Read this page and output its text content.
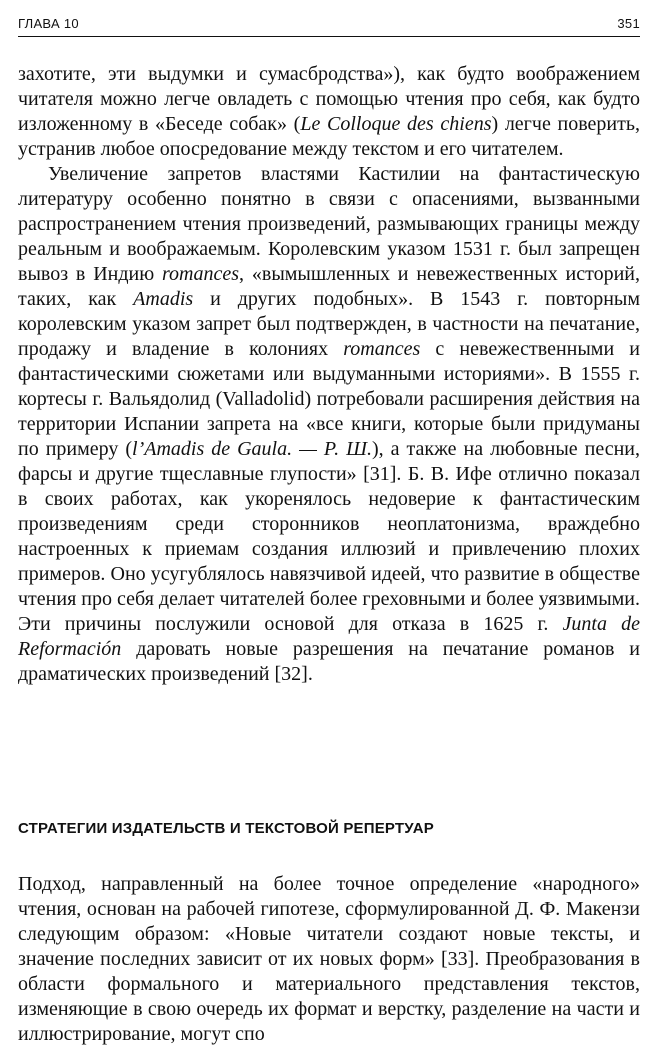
ГЛАВА 10	351

захотите, эти выдумки и сумасбродства»), как будто воображением читателя можно легче овладеть с помощью чтения про себя, как будто изложенному в «Беседе собак» (Le Colloque des chiens) легче поверить, устранив любое опосредование между текстом и его читателем.

Увеличение запретов властями Кастилии на фантастическую литературу особенно понятно в связи с опасениями, вызванными распространением чтения произведений, размывающих границы между реальным и воображаемым. Королевским указом 1531 г. был запрещен вывоз в Индию romances, «вымышленных и невежественных историй, таких, как Amadis и других подобных». В 1543 г. повторным королевским указом запрет был подтвержден, в частности на печатание, продажу и владение в колониях romances с невежественными и фантастическими сюжетами или выдуманными историями». В 1555 г. кортесы г. Вальядолид (Valladolid) потребовали расширения действия на территории Испании запрета на «все книги, которые были придуманы по примеру (l’Amadis de Gaula. — Р. Ш.), а также на любовные песни, фарсы и другие тщеславные глупости» [31]. Б. В. Ифе отлично показал в своих работах, как укоренялось недоверие к фантастическим произведениям среди сторонников неоплатонизма, враждебно настроенных к приемам создания иллюзий и привлечению плохих примеров. Оно усугублялось навязчивой идеей, что развитие в обществе чтения про себя делает читателей более греховными и более уязвимыми. Эти причины послужили основой для отказа в 1625 г. Junta de Reformación даровать новые разрешения на печатание романов и драматических произведений [32].

СТРАТЕГИИ ИЗДАТЕЛЬСТВ И ТЕКСТОВОЙ РЕПЕРТУАР

Подход, направленный на более точное определение «народного» чтения, основан на рабочей гипотезе, сформулированной Д. Ф. Макензи следующим образом: «Новые читатели создают новые тексты, и значение последних зависит от их новых форм» [33]. Преобразования в области формального и материального представления текстов, изменяющие в свою очередь их формат и верстку, разделение на части и иллюстрирование, могут спо
